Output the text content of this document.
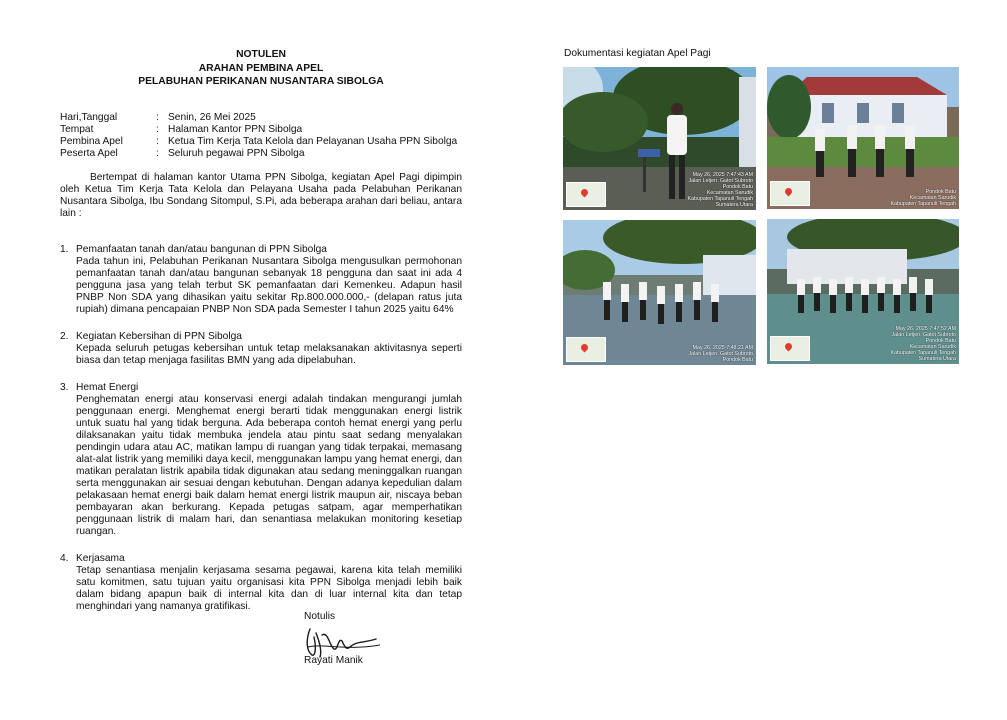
NOTULEN
ARAHAN PEMBINA APEL
PELABUHAN PERIKANAN NUSANTARA SIBOLGA
Hari,Tanggal	: Senin, 26 Mei 2025
Tempat	: Halaman Kantor PPN Sibolga
Pembina Apel	: Ketua Tim Kerja Tata Kelola dan Pelayanan Usaha PPN Sibolga
Peserta Apel	: Seluruh pegawai PPN Sibolga

Bertempat di halaman kantor Utama PPN Sibolga, kegiatan Apel Pagi dipimpin oleh Ketua Tim Kerja Tata Kelola dan Pelayana Usaha pada Pelabuhan Perikanan Nusantara Sibolga, Ibu Sondang Sitompul, S.Pi, ada beberapa arahan dari beliau, antara lain :

1. Pemanfaatan tanah dan/atau bangunan di PPN Sibolga
Pada tahun ini, Pelabuhan Perikanan Nusantara Sibolga mengusulkan permohonan pemanfaatan tanah dan/atau bangunan sebanyak 18 pengguna dan saat ini ada 4 pengguna jasa yang telah terbut SK pemanfaatan dari Kemenkeu. Adapun hasil PNBP Non SDA yang dihasikan yaitu sekitar Rp.800.000.000,- (delapan ratus juta rupiah) dimana pencapaian PNBP Non SDA pada Semester I tahun 2025 yaitu 64%
2. Kegiatan Kebersihan di PPN Sibolga
Kepada seluruh petugas kebersihan untuk tetap melaksanakan aktivitasnya seperti biasa dan tetap menjaga fasilitas BMN yang ada dipelabuhan.
3. Hemat Energi
Penghematan energi atau konservasi energi adalah tindakan mengurangi jumlah penggunaan energi. Menghemat energi berarti tidak menggunakan energi listrik untuk suatu hal yang tidak berguna. Ada beberapa contoh hemat energi yang perlu dilaksanakan yaitu tidak membuka jendela atau pintu saat sedang menyalakan pendingin udara atau AC, matikan lampu di ruangan yang tidak terpakai, memasang alat-alat listrik yang memiliki daya kecil, menggunakan lampu yang hemat energi, dan matikan peralatan listrik apabila tidak digunakan atau sedang meninggalkan ruangan serta menggunakan air sesuai dengan kebutuhan. Dengan adanya kepedulian dalam pelakasaan hemat energi baik dalam hemat energi listrik maupun air, niscaya beban pembayaran akan berkurang. Kepada petugas satpam, agar memperhatikan penggunaan listrik di malam hari, dan senantiasa melakukan monitoring kesetiap ruangan.
4. Kerjasama
Tetap senantiasa menjalin kerjasama sesama pegawai, karena kita telah memiliki satu komitmen, satu tujuan yaitu organisasi kita PPN Sibolga menjadi lebih baik dalam bidang apapun baik di internal kita dan di luar internal kita dan tetap menghindari yang namanya gratifikasi.
Notulis
Rayati Manik
Dokumentasi kegiatan Apel Pagi
May 26, 2025 7:47:43 AM
Jalan Letjen. Gatot Subroto
Pondok Batu
Kecamatan Sarudik
Kabupaten Tapanuli Tengah
Sumatera Utara
Pondok Batu
Kecamatan Sarudik
Kabupaten Tapanuli Tengah
May 26, 2025 7:48:21 AM
Jalan Letjen. Gatot Subroto
Pondok Batu
May 26, 2025 7:47:52 AM
Jalan Letjen. Gatot Subroto
Pondok Batu
Kecamatan Sarudik
Kabupaten Tapanuli Tengah
Sumatera Utara
